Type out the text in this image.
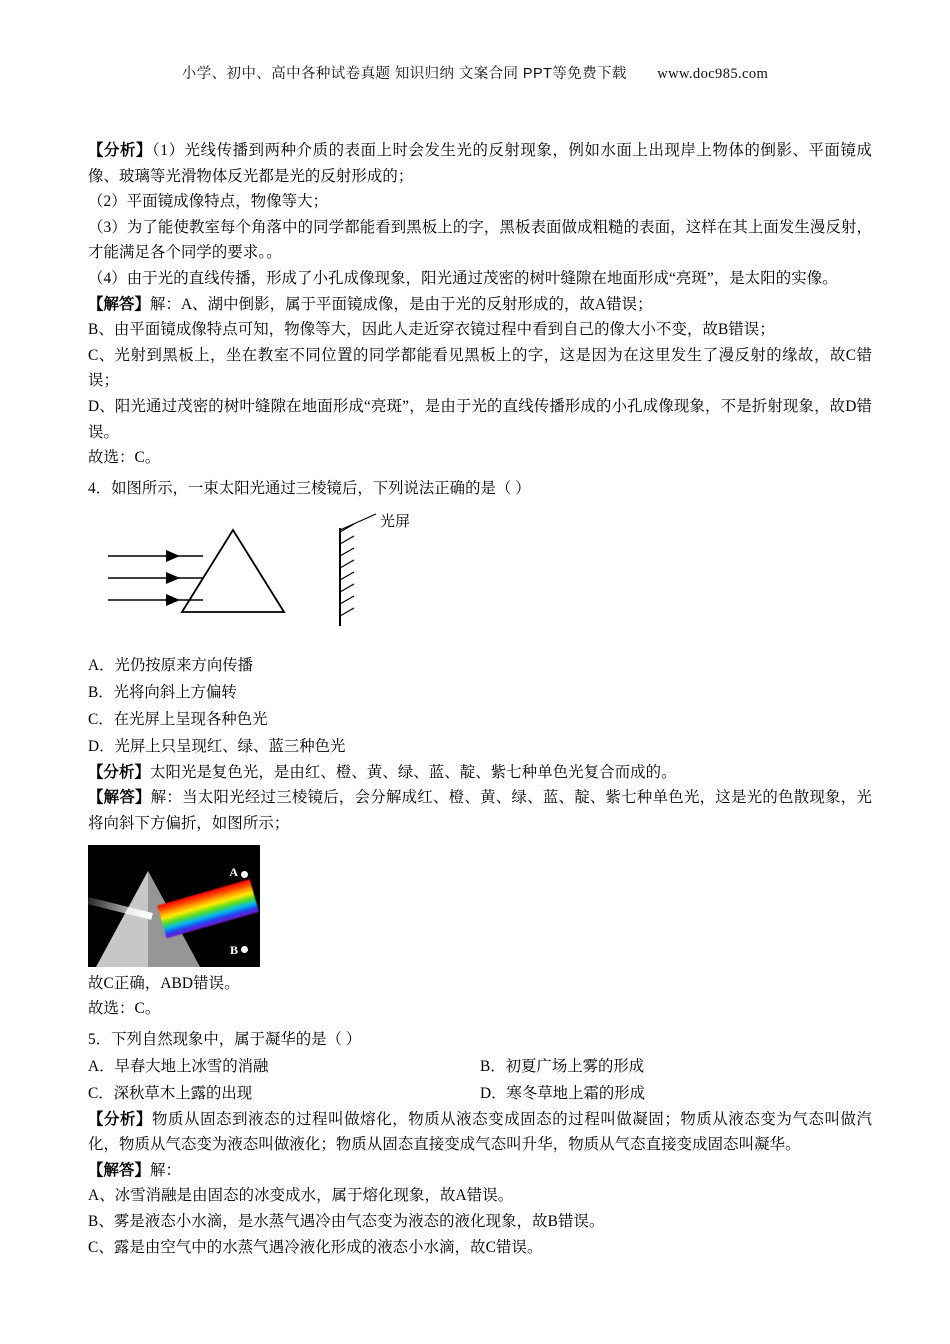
小学、初中、高中各种试卷真题 知识归纳 文案合同 PPT等免费下载 www.doc985.com
【分析】（1）光线传播到两种介质的表面上时会发生光的反射现象，例如水面上出现岸上物体的倒影、平面镜成像、玻璃等光滑物体反光都是光的反射形成的；
（2）平面镜成像特点，物像等大；
（3）为了能使教室每个角落中的同学都能看到黑板上的字，黑板表面做成粗糙的表面，这样在其上面发生漫反射，才能满足各个同学的要求。。
（4）由于光的直线传播，形成了小孔成像现象，阳光通过茂密的树叶缝隙在地面形成“亮斑”，是太阳的实像。
【解答】解：A、湖中倒影，属于平面镜成像，是由于光的反射形成的，故A错误；
B、由平面镜成像特点可知，物像等大，因此人走近穿衣镜过程中看到自己的像大小不变，故B错误；
C、光射到黑板上，坐在教室不同位置的同学都能看见黑板上的字，这是因为在这里发生了漫反射的缘故，故C错误；
D、阳光通过茂密的树叶缝隙在地面形成“亮斑”，是由于光的直线传播形成的小孔成像现象，不是折射现象，故D错误。
故选：C。
4．如图所示，一束太阳光通过三棱镜后，下列说法正确的是（ ）
光屏
A．光仍按原来方向传播
B．光将向斜上方偏转
C．在光屏上呈现各种色光
D．光屏上只呈现红、绿、蓝三种色光
【分析】太阳光是复色光，是由红、橙、黄、绿、蓝、靛、紫七种单色光复合而成的。
【解答】解：当太阳光经过三棱镜后，会分解成红、橙、黄、绿、蓝、靛、紫七种单色光，这是光的色散现象，光将向斜下方偏折，如图所示；
A
B
故C正确，ABD错误。
故选：C。
5．下列自然现象中，属于凝华的是（ ）
A．早春大地上冰雪的消融	B．初夏广场上雾的形成
C．深秋草木上露的出现	D．寒冬草地上霜的形成
【分析】物质从固态到液态的过程叫做熔化，物质从液态变成固态的过程叫做凝固；物质从液态变为气态叫做汽化，物质从气态变为液态叫做液化；物质从固态直接变成气态叫升华，物质从气态直接变成固态叫凝华。
【解答】解：
A、冰雪消融是由固态的冰变成水，属于熔化现象，故A错误。
B、雾是液态小水滴，是水蒸气遇冷由气态变为液态的液化现象，故B错误。
C、露是由空气中的水蒸气遇冷液化形成的液态小水滴，故C错误。
